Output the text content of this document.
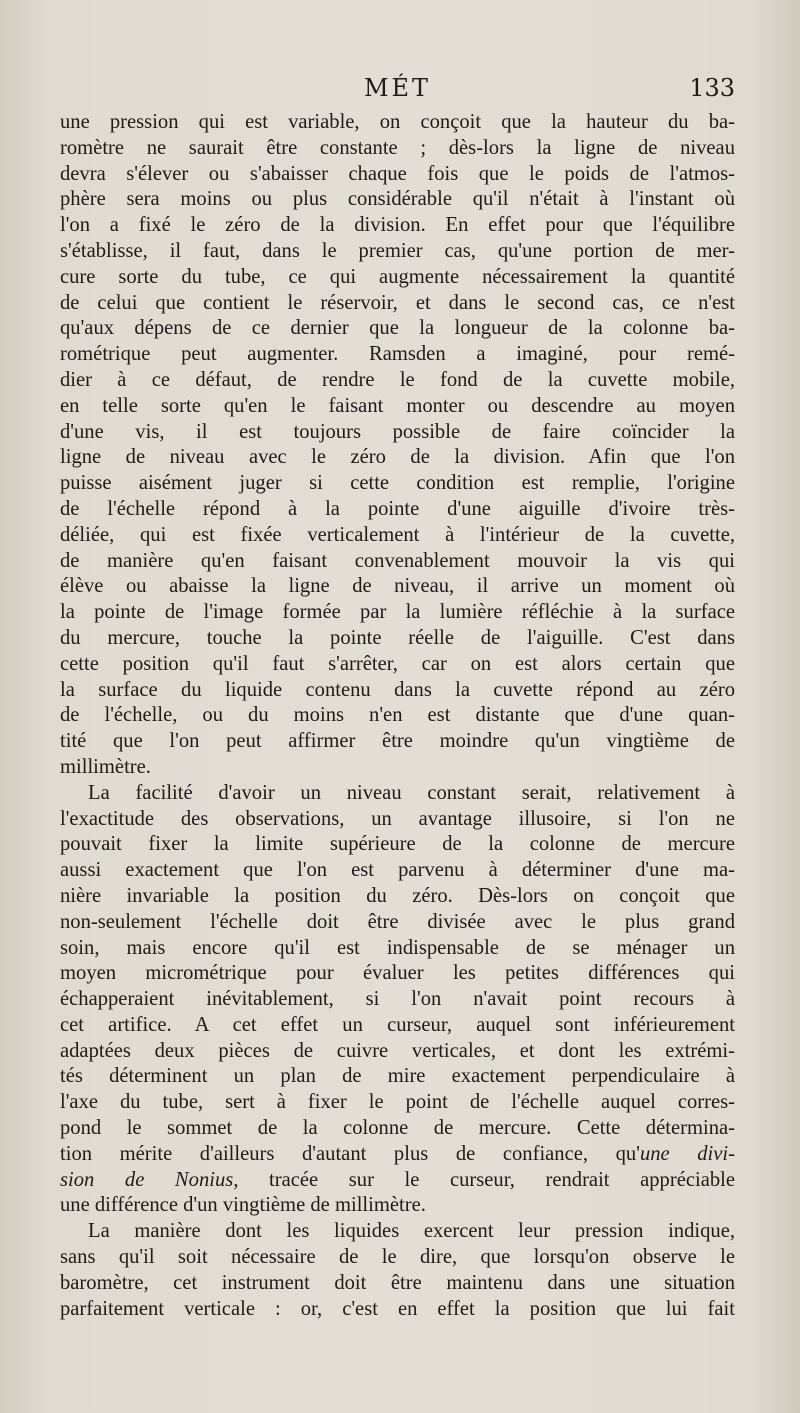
MÉT	133
une pression qui est variable, on conçoit que la hauteur du ba-
romètre ne saurait être constante ; dès-lors la ligne de niveau
devra s'élever ou s'abaisser chaque fois que le poids de l'atmos-
phère sera moins ou plus considérable qu'il n'était à l'instant où
l'on a fixé le zéro de la division. En effet pour que l'équilibre
s'établisse, il faut, dans le premier cas, qu'une portion de mer-
cure sorte du tube, ce qui augmente nécessairement la quantité
de celui que contient le réservoir, et dans le second cas, ce n'est
qu'aux dépens de ce dernier que la longueur de la colonne ba-
rométrique peut augmenter. Ramsden a imaginé, pour remé-
dier à ce défaut, de rendre le fond de la cuvette mobile,
en telle sorte qu'en le faisant monter ou descendre au moyen
d'une vis, il est toujours possible de faire coïncider la
ligne de niveau avec le zéro de la division. Afin que l'on
puisse aisément juger si cette condition est remplie, l'origine
de l'échelle répond à la pointe d'une aiguille d'ivoire très-
déliée, qui est fixée verticalement à l'intérieur de la cuvette,
de manière qu'en faisant convenablement mouvoir la vis qui
élève ou abaisse la ligne de niveau, il arrive un moment où
la pointe de l'image formée par la lumière réfléchie à la surface
du mercure, touche la pointe réelle de l'aiguille. C'est dans
cette position qu'il faut s'arrêter, car on est alors certain que
la surface du liquide contenu dans la cuvette répond au zéro
de l'échelle, ou du moins n'en est distante que d'une quan-
tité que l'on peut affirmer être moindre qu'un vingtième de
millimètre.
La facilité d'avoir un niveau constant serait, relativement à
l'exactitude des observations, un avantage illusoire, si l'on ne
pouvait fixer la limite supérieure de la colonne de mercure
aussi exactement que l'on est parvenu à déterminer d'une ma-
nière invariable la position du zéro. Dès-lors on conçoit que
non-seulement l'échelle doit être divisée avec le plus grand
soin, mais encore qu'il est indispensable de se ménager un
moyen micrométrique pour évaluer les petites différences qui
échapperaient inévitablement, si l'on n'avait point recours à
cet artifice. A cet effet un curseur, auquel sont inférieurement
adaptées deux pièces de cuivre verticales, et dont les extrémi-
tés déterminent un plan de mire exactement perpendiculaire à
l'axe du tube, sert à fixer le point de l'échelle auquel corres-
pond le sommet de la colonne de mercure. Cette détermina-
tion mérite d'ailleurs d'autant plus de confiance, qu'une divi-
sion de Nonius, tracée sur le curseur, rendrait appréciable
une différence d'un vingtième de millimètre.
La manière dont les liquides exercent leur pression indique,
sans qu'il soit nécessaire de le dire, que lorsqu'on observe le
baromètre, cet instrument doit être maintenu dans une situation
parfaitement verticale : or, c'est en effet la position que lui fait
